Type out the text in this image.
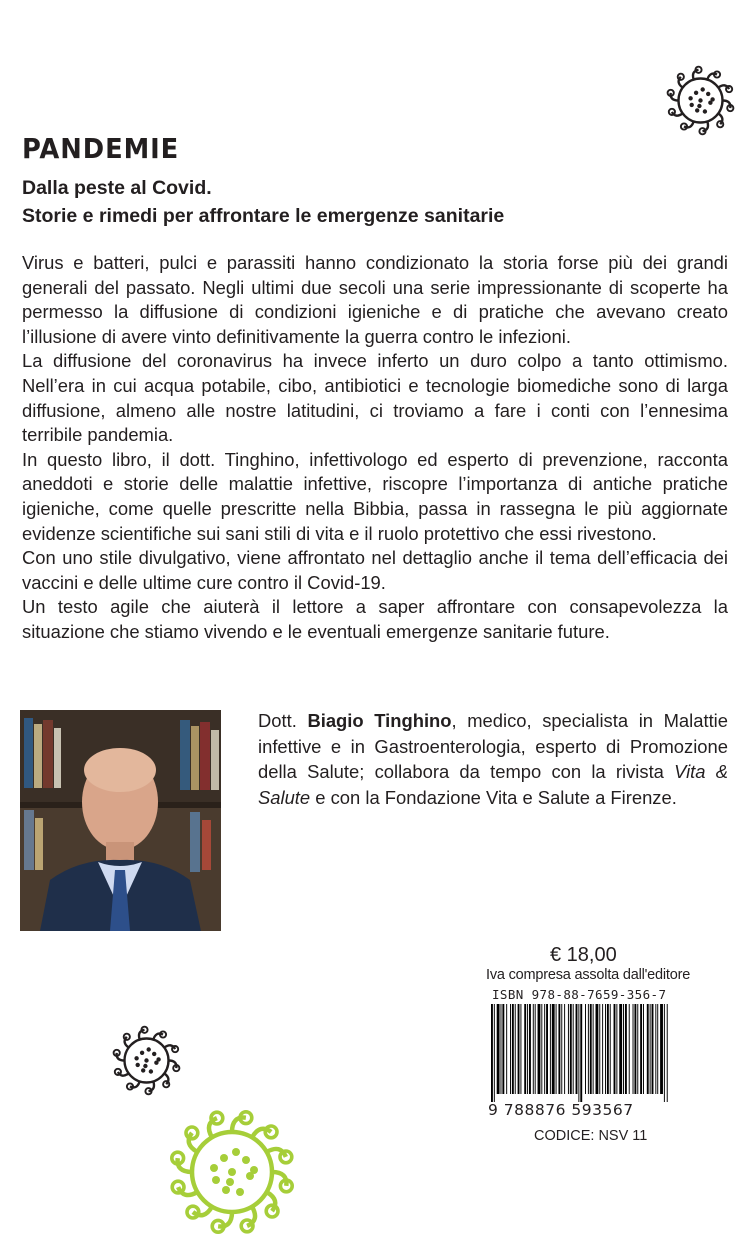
PANDEMIE
Dalla peste al Covid.
Storie e rimedi per affrontare le emergenze sanitarie

Virus e batteri, pulci e parassiti hanno condizionato la storia forse più dei grandi generali del passato. Negli ultimi due secoli una serie impressionante di scoperte ha permesso la diffusione di condizioni igieniche e di pratiche che avevano creato l’illusione di avere vinto definitivamente la guerra contro le infezioni.

La diffusione del coronavirus ha invece inferto un duro colpo a tanto ottimismo. Nell’era in cui acqua potabile, cibo, antibiotici e tecnologie biomediche sono di larga diffusione, almeno alle nostre latitudini, ci troviamo a fare i conti con l’ennesima terribile pandemia.

In questo libro, il dott. Tinghino, infettivologo ed esperto di prevenzione, racconta aneddoti e storie delle malattie infettive, riscopre l’importanza di antiche pratiche igieniche, come quelle prescritte nella Bibbia, passa in rassegna le più aggiornate evidenze scientifiche sui sani stili di vita e il ruolo protettivo che essi rivestono.

Con uno stile divulgativo, viene affrontato nel dettaglio anche il tema dell’efficacia dei vaccini e delle ultime cure contro il Covid-19.

Un testo agile che aiuterà il lettore a saper affrontare con consapevolezza la situazione che stiamo vivendo e le eventuali emergenze sanitarie future.

Dott. Biagio Tinghino, medico, specialista in Malattie infettive e in Gastroenterologia, esperto di Promozione della Salute; collabora da tempo con la rivista Vita & Salute e con la Fondazione Vita e Salute a Firenze.
€ 18,00
Iva compresa assolta dall'editore
ISBN 978-88-7659-356-7
9 788876 593567
CODICE: NSV 11
